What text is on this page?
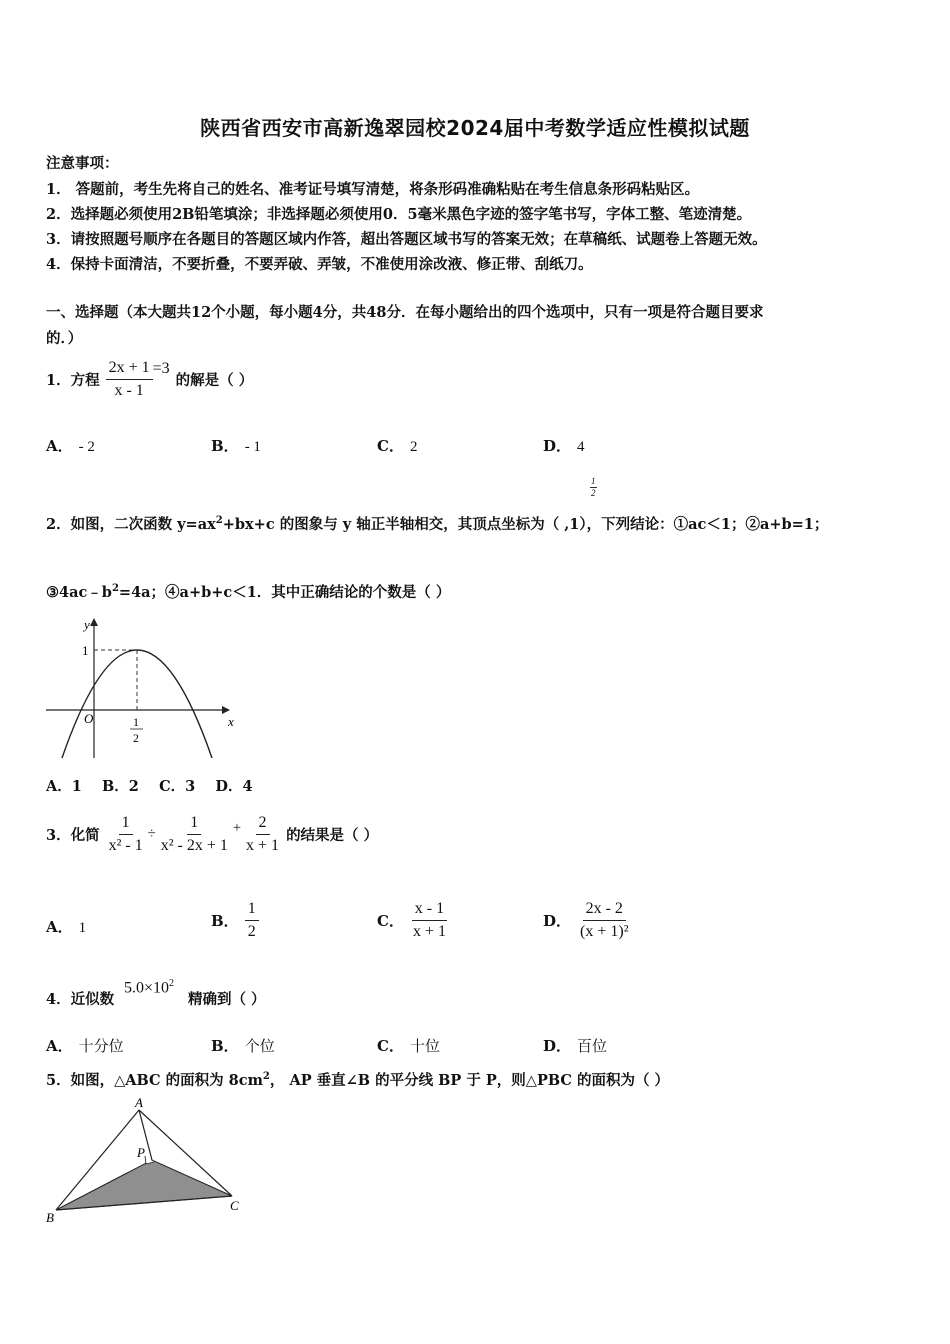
陕西省西安市高新逸翠园校2024届中考数学适应性模拟试题
注意事项：
1． 答题前，考生先将自己的姓名、准考证号填写清楚，将条形码准确粘贴在考生信息条形码粘贴区。
2．选择题必须使用2B铅笔填涂；非选择题必须使用0．5毫米黑色字迹的签字笔书写，字体工整、笔迹清楚。
3．请按照题号顺序在各题目的答题区域内作答，超出答题区域书写的答案无效；在草稿纸、试题卷上答题无效。
4．保持卡面清洁，不要折叠，不要弄破、弄皱，不准使用涂改液、修正带、刮纸刀。
一、选择题（本大题共12个小题，每小题4分，共48分．在每小题给出的四个选项中，只有一项是符合题目要求
的．）
1．方程 $\frac{2x + 1}{x - 1} =3$
的解是（ ）
A． - 2	B． - 1	C． 2	D． 4
$\frac{1}{2}$
2．如图，二次函数 $y=ax^2+bx+c$ 的图象与 y 轴正半轴相交，其顶点坐标为（ ,1），下列结论：①ac＜1；②a+b=1；
$③4ac﹣b^2=4a$；④a+b+c＜1．其中正确结论的个数是（ ）
y
x
O
1
1
2
A．1    B．2    C．3    D．4
3．化简 $\frac{1}{\text{x² - 1}} \div \frac{1}{\text{x² - 2x + 1}} + \frac{2}{x + 1}$ 的结果是（ ）
A． 1	B． $\frac{1}{2}$	C． $\frac{x - 1}{x + 1}$	D． $\frac{2x - 2}{\text{(x + 1)²}}$
4．近似数
$5.0\times 10^2$
精确到（ ）
A． 十分位	B． 个位	C． 十位	D． 百位
5．如图，△ABC 的面积为 $8cm^2$， AP 垂直∠B 的平分线 BP 于 P，则△PBC 的面积为（ ）
A
B
C
P
